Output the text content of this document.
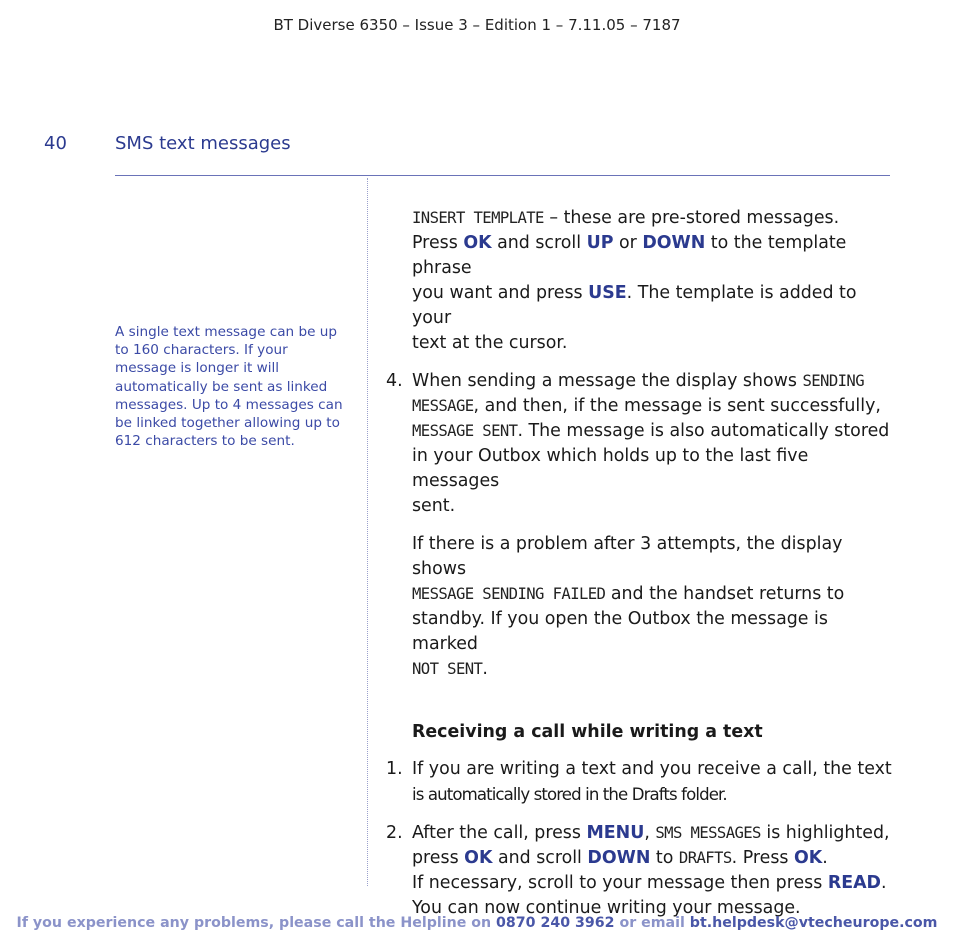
BT Diverse 6350 – Issue 3 – Edition 1 – 7.11.05 – 7187
40	SMS text messages
A single text message can be up to 160 characters. If your message is longer it will automatically be sent as linked messages. Up to 4 messages can be linked together allowing up to 612 characters to be sent.
INSERT TEMPLATE – these are pre-stored messages.
Press OK and scroll UP or DOWN to the template phrase
you want and press USE. The template is added to your
text at the cursor.
4. When sending a message the display shows SENDING
MESSAGE, and then, if the message is sent successfully,
MESSAGE SENT. The message is also automatically stored
in your Outbox which holds up to the last five messages
sent.
If there is a problem after 3 attempts, the display shows
MESSAGE SENDING FAILED and the handset returns to
standby. If you open the Outbox the message is marked
NOT SENT.
Receiving a call while writing a text
1. If you are writing a text and you receive a call, the text
is automatically stored in the Drafts folder.
2. After the call, press MENU, SMS MESSAGES is highlighted,
press OK and scroll DOWN to DRAFTS. Press OK.
If necessary, scroll to your message then press READ.
You can now continue writing your message.
If you experience any problems, please call the Helpline on 0870 240 3962 or email bt.helpdesk@vtecheurope.com
